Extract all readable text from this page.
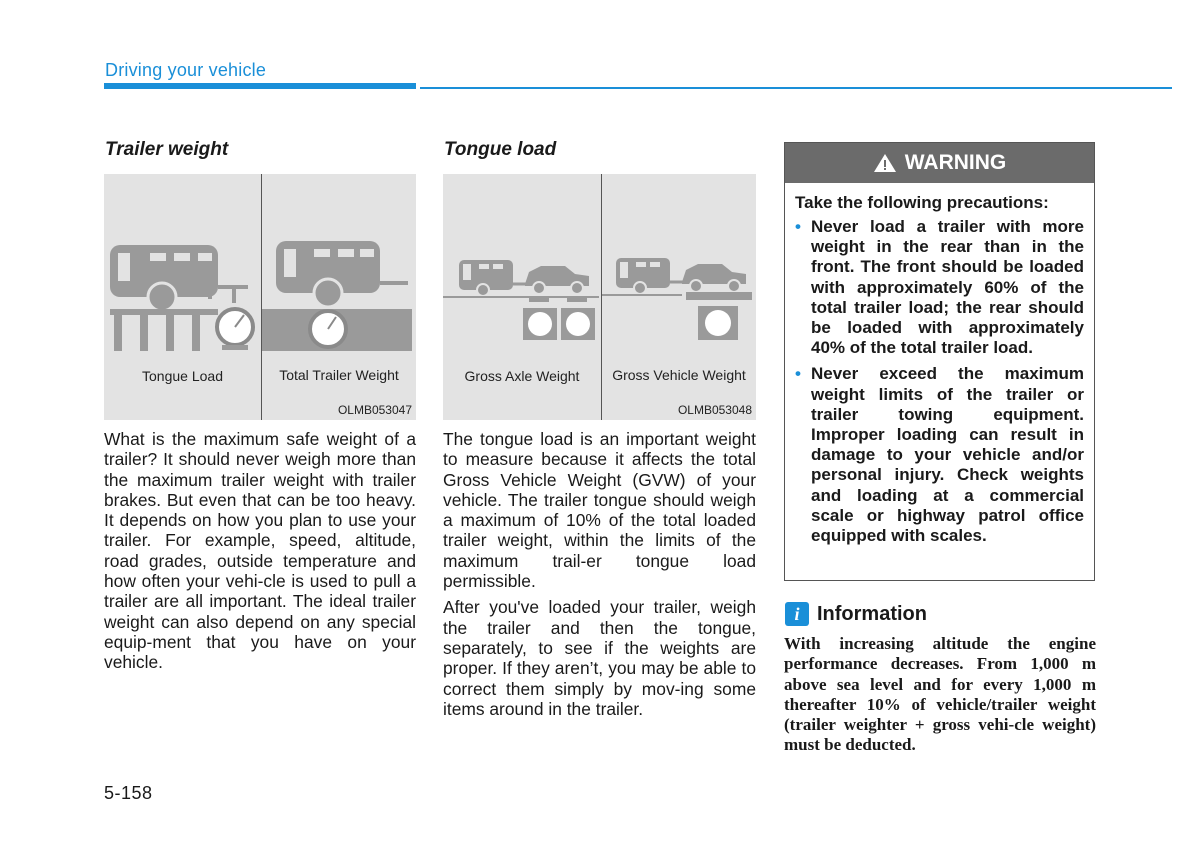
Driving your vehicle
Trailer weight
Tongue Load	Total Trailer Weight
OLMB053047

What is the maximum safe weight of a trailer? It should never weigh more than the maximum trailer weight with trailer brakes. But even that can be too heavy. It depends on how you plan to use your trailer. For example, speed, altitude, road grades, outside temperature and how often your vehi-cle is used to pull a trailer are all important. The ideal trailer weight can also depend on any special equip-ment that you have on your vehicle.

Tongue load
Gross Axle Weight	Gross Vehicle Weight
OLMB053048

The tongue load is an important weight to measure because it affects the total Gross Vehicle Weight (GVW) of your vehicle. The trailer tongue should weigh a maximum of 10% of the total loaded trailer weight, within the limits of the maximum trail-er tongue load permissible.

After you've loaded your trailer, weigh the trailer and then the tongue, separately, to see if the weights are proper. If they aren’t, you may be able to correct them simply by mov-ing some items around in the trailer.

WARNING
Take the following precautions:
• Never load a trailer with more weight in the rear than in the front. The front should be loaded with approximately 60% of the total trailer load; the rear should be loaded with approximately 40% of the total trailer load.
• Never exceed the maximum weight limits of the trailer or trailer towing equipment. Improper loading can result in damage to your vehicle and/or personal injury. Check weights and loading at a commercial scale or highway patrol office equipped with scales.
i Information

With increasing altitude the engine performance decreases. From 1,000 m above sea level and for every 1,000 m thereafter 10% of vehicle/trailer weight (trailer weighter + gross vehi-cle weight) must be deducted.

5-158
